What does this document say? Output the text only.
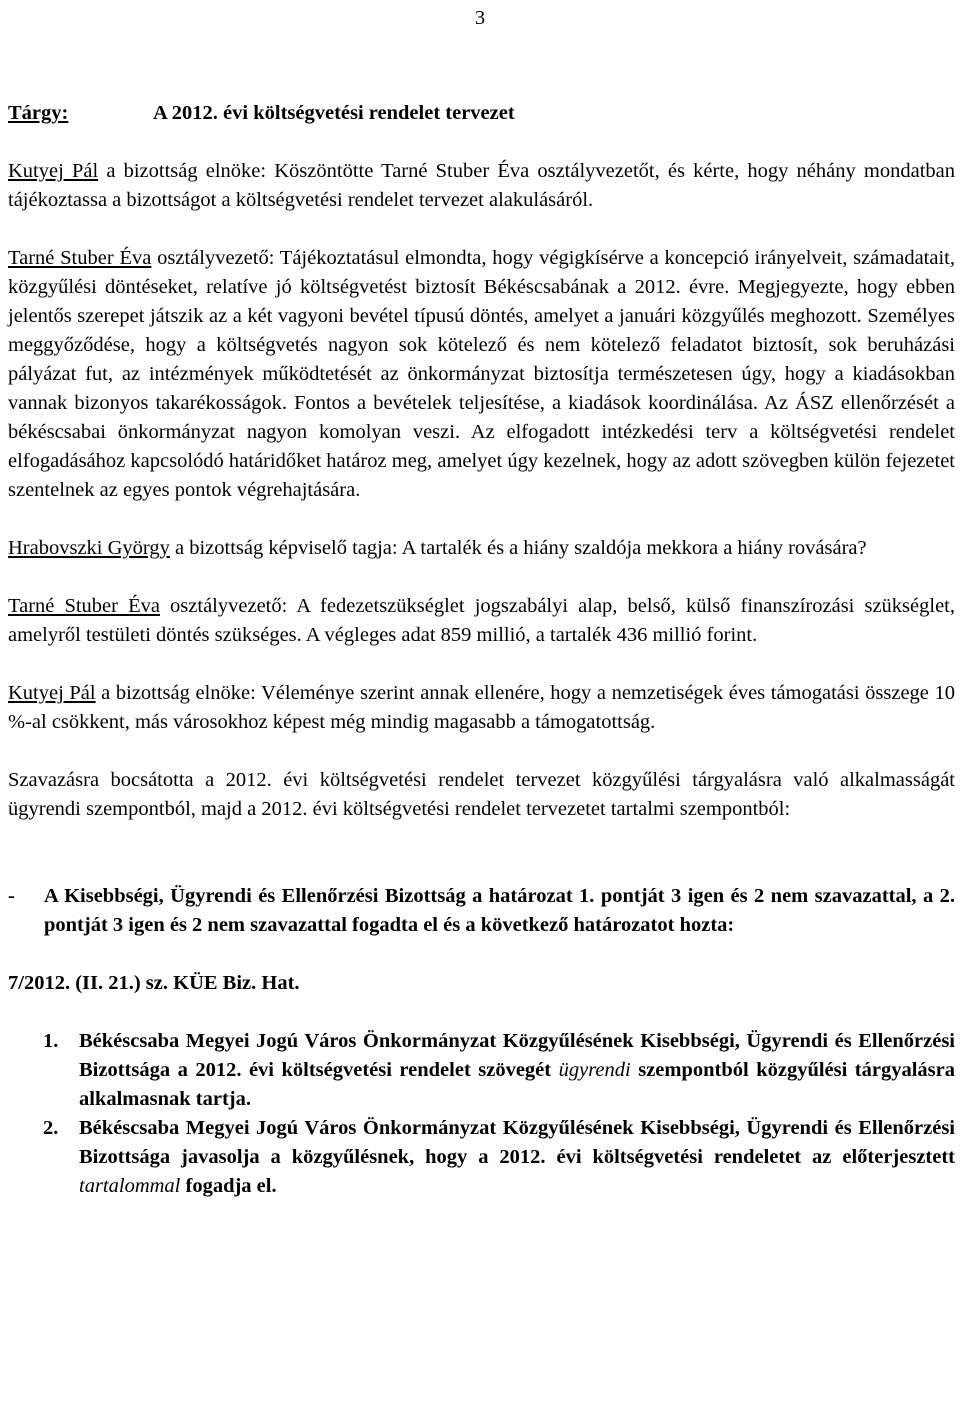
3

Tárgy:	A 2012. évi költségvetési rendelet tervezet

Kutyej Pál a bizottság elnöke: Köszöntötte Tarné Stuber Éva osztályvezetőt, és kérte, hogy néhány mondatban tájékoztassa a bizottságot a költségvetési rendelet tervezet alakulásáról.

Tarné Stuber Éva osztályvezető: Tájékoztatásul elmondta, hogy végigkísérve a koncepció irányelveit, számadatait, közgyűlési döntéseket, relatíve jó költségvetést biztosít Békéscsabának a 2012. évre. Megjegyezte, hogy ebben jelentős szerepet játszik az a két vagyoni bevétel típusú döntés, amelyet a januári közgyűlés meghozott. Személyes meggyőződése, hogy a költségvetés nagyon sok kötelező és nem kötelező feladatot biztosít, sok beruházási pályázat fut, az intézmények működtetését az önkormányzat biztosítja természetesen úgy, hogy a kiadásokban vannak bizonyos takarékosságok. Fontos a bevételek teljesítése, a kiadások koordinálása. Az ÁSZ ellenőrzését a békéscsabai önkormányzat nagyon komolyan veszi. Az elfogadott intézkedési terv a költségvetési rendelet elfogadásához kapcsolódó határidőket határoz meg, amelyet úgy kezelnek, hogy az adott szövegben külön fejezetet szentelnek az egyes pontok végrehajtására.

Hrabovszki György a bizottság képviselő tagja: A tartalék és a hiány szaldója mekkora a hiány rovására?

Tarné Stuber Éva osztályvezető: A fedezetszükséglet jogszabályi alap, belső, külső finanszírozási szükséglet, amelyről testületi döntés szükséges. A végleges adat 859 millió, a tartalék 436 millió forint.

Kutyej Pál a bizottság elnöke: Véleménye szerint annak ellenére, hogy a nemzetiségek éves támogatási összege 10 %-al csökkent, más városokhoz képest még mindig magasabb a támogatottság.

Szavazásra bocsátotta a 2012. évi költségvetési rendelet tervezet közgyűlési tárgyalásra való alkalmasságát ügyrendi szempontból, majd a 2012. évi költségvetési rendelet tervezetet tartalmi szempontból:

-	A Kisebbségi, Ügyrendi és Ellenőrzési Bizottság a határozat 1. pontját 3 igen és 2 nem szavazattal, a 2. pontját 3 igen és 2 nem szavazattal fogadta el és a következő határozatot hozta:

7/2012. (II. 21.) sz. KÜE Biz. Hat.

1.	Békéscsaba Megyei Jogú Város Önkormányzat Közgyűlésének Kisebbségi, Ügyrendi és Ellenőrzési Bizottsága a 2012. évi költségvetési rendelet szövegét ügyrendi szempontból közgyűlési tárgyalásra alkalmasnak tartja.
2.	Békéscsaba Megyei Jogú Város Önkormányzat Közgyűlésének Kisebbségi, Ügyrendi és Ellenőrzési Bizottsága javasolja a közgyűlésnek, hogy a 2012. évi költségvetési rendeletet az előterjesztett tartalommal fogadja el.
